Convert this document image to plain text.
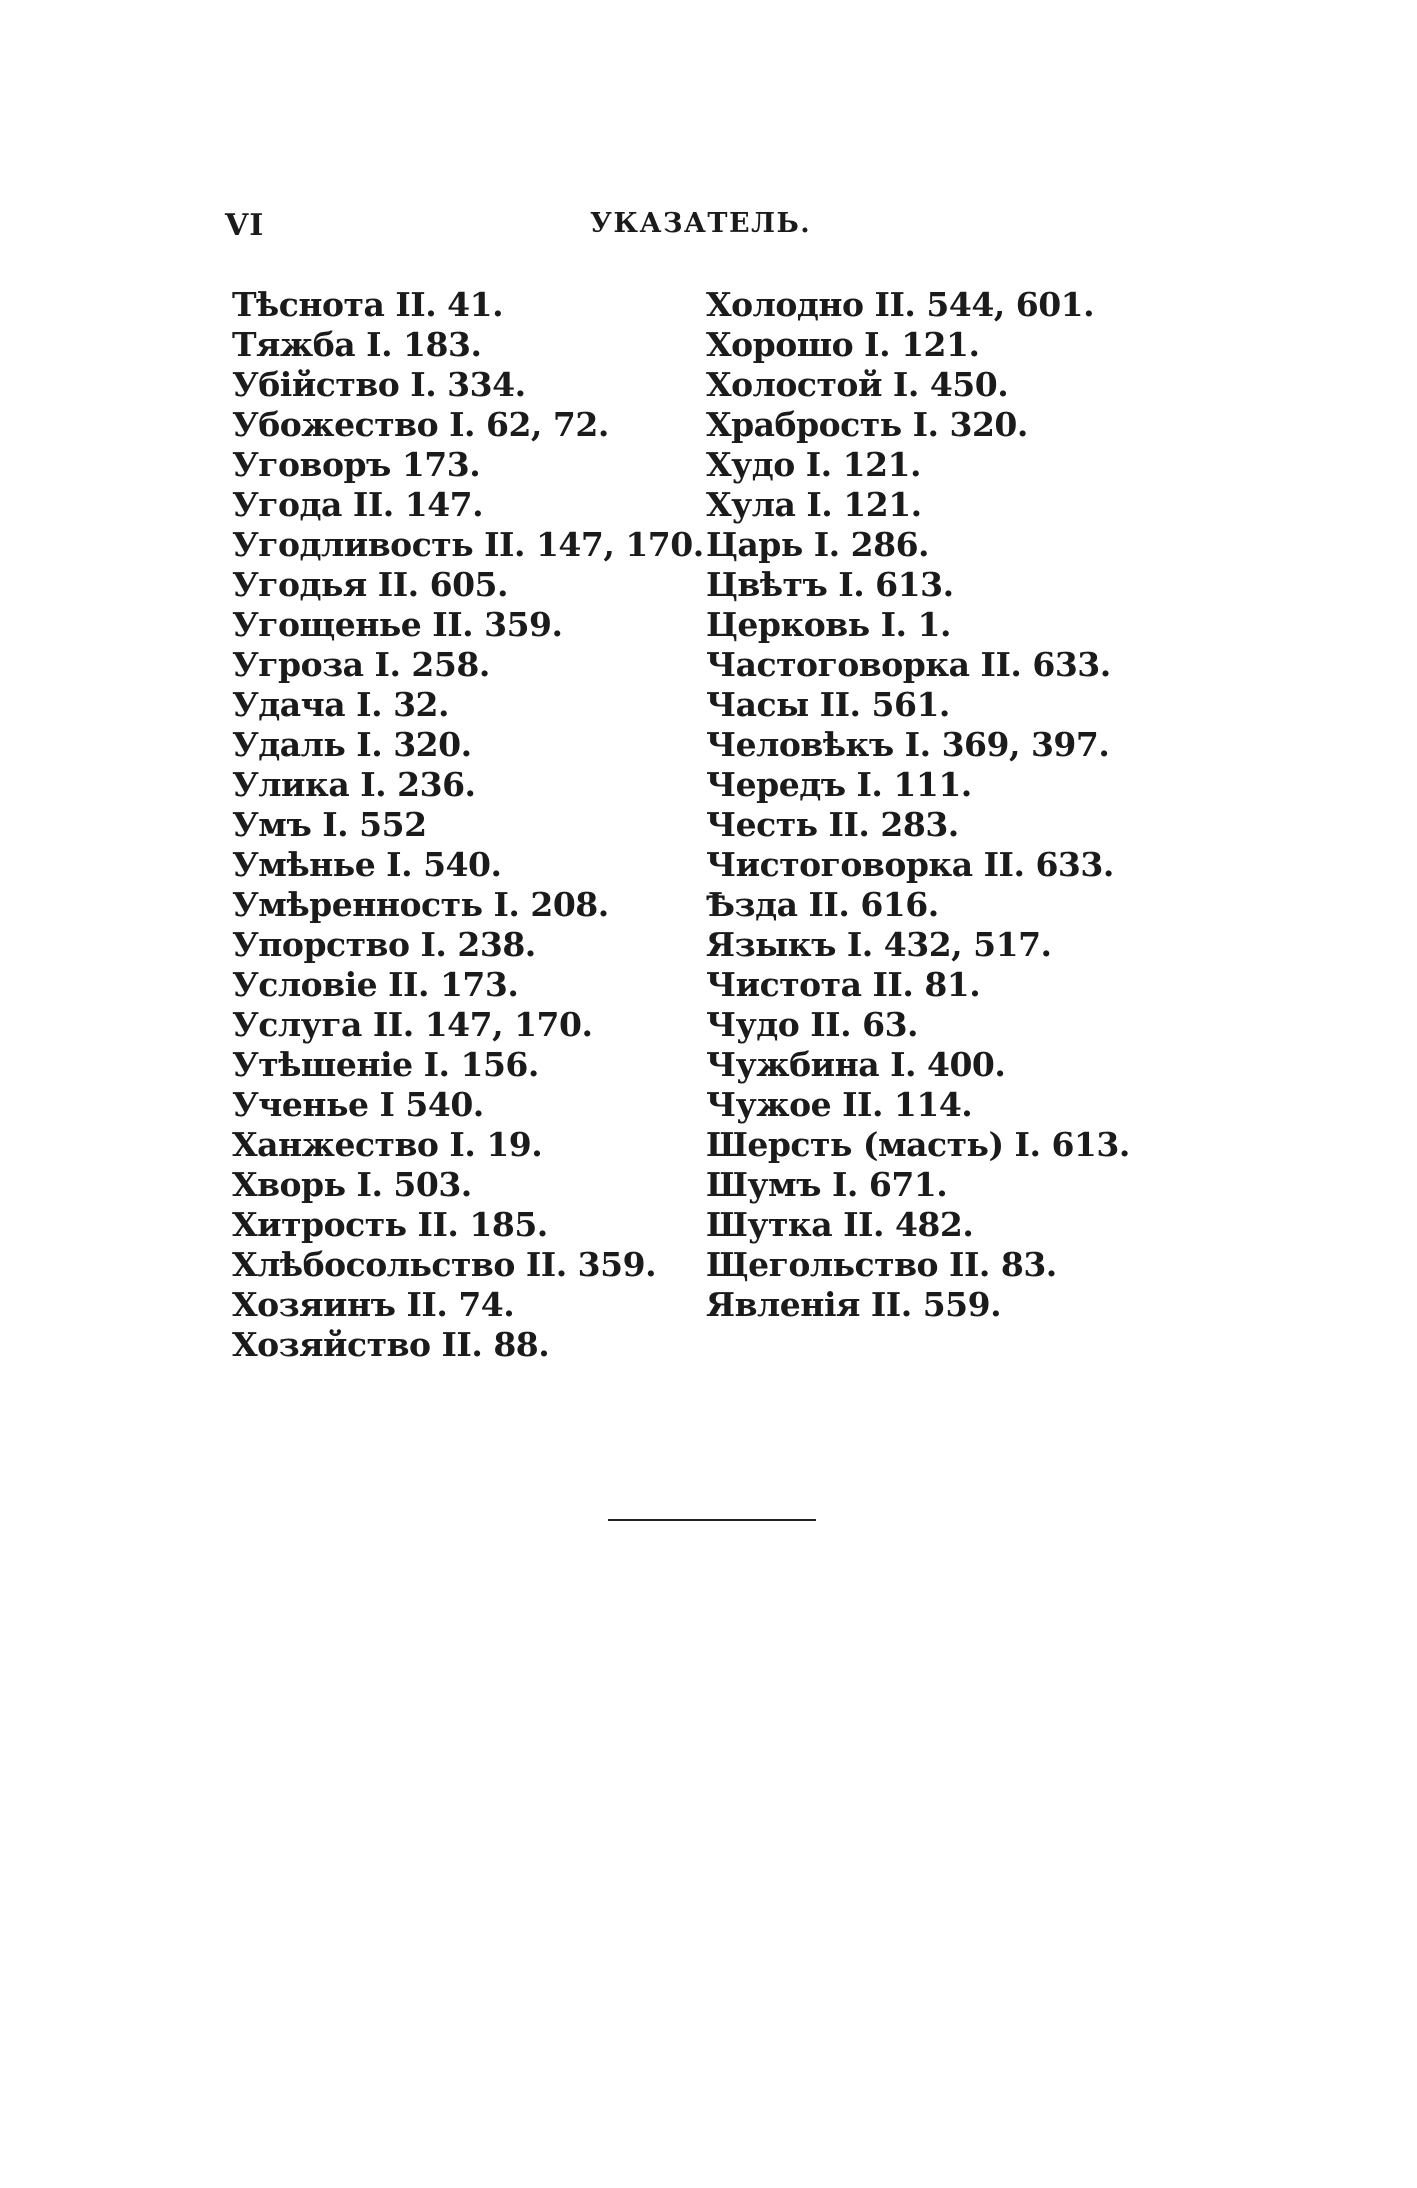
VI	УКАЗАТЕЛЬ.
Тѣснота II. 41.
Тяжба I. 183.
Убійство I. 334.
Убожество I. 62, 72.
Уговоръ 173.
Угода II. 147.
Угодливость II. 147, 170.
Угодья II. 605.
Угощенье II. 359.
Угроза I. 258.
Удача I. 32.
Удаль I. 320.
Улика I. 236.
Умъ I. 552
Умѣнье I. 540.
Умѣренность I. 208.
Упорство I. 238.
Условіе II. 173.
Услуга II. 147, 170.
Утѣшеніе I. 156.
Ученье I 540.
Ханжество I. 19.
Хворь I. 503.
Хитрость II. 185.
Хлѣбосольство II. 359.
Хозяинъ II. 74.
Хозяйство II. 88.
Холодно II. 544, 601.
Хорошо I. 121.
Холостой I. 450.
Храбрость I. 320.
Худо I. 121.
Хула I. 121.
Царь I. 286.
Цвѣтъ I. 613.
Церковь I. 1.
Частоговорка II. 633.
Часы II. 561.
Человѣкъ I. 369, 397.
Чередъ I. 111.
Честь II. 283.
Чистоговорка II. 633.
Ѣзда II. 616.
Языкъ I. 432, 517.
Чистота II. 81.
Чудо II. 63.
Чужбина I. 400.
Чужое II. 114.
Шерсть (масть) I. 613.
Шумъ I. 671.
Шутка II. 482.
Щегольство II. 83.
Явленія II. 559.
